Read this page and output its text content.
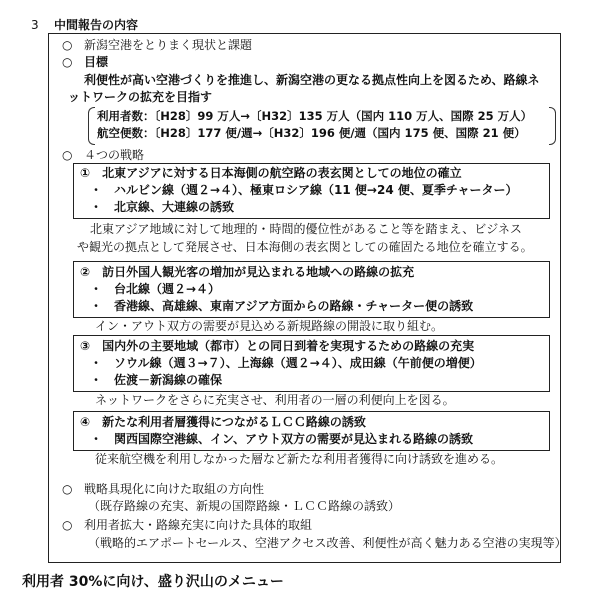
3 中間報告の内容
○ 新潟空港をとりまく現状と課題
○ 目標
利便性が高い空港づくりを推進し、新潟空港の更なる拠点性向上を図るため、路線ネ
ットワークの拡充を目指す
利用者数：〔H28〕99 万人→〔H32〕135 万人（国内 110 万人、国際 25 万人）
航空便数：〔H28〕177 便/週→〔H32〕196 便/週（国内 175 便、国際 21 便）
○ ４つの戦略
①　北東アジアに対する日本海側の航空路の表玄関としての地位の確立
・　ハルビン線（週２→４）、極東ロシア線（11 便→24 便、夏季チャーター）
・　北京線、大連線の誘致
北東アジア地域に対して地理的・時間的優位性があること等を踏まえ、ビジネス
や観光の拠点として発展させ、日本海側の表玄関としての確固たる地位を確立する。
②　訪日外国人観光客の増加が見込まれる地域への路線の拡充
・　台北線（週２→４）
・　香港線、高雄線、東南アジア方面からの路線・チャーター便の誘致
イン・アウト双方の需要が見込める新規路線の開設に取り組む。
③　国内外の主要地域（都市）との同日到着を実現するための路線の充実
・　ソウル線（週３→７）、上海線（週２→４）、成田線（午前便の増便）
・　佐渡－新潟線の確保
ネットワークをさらに充実させ、利用者の一層の利便向上を図る。
④　新たな利用者層獲得につながるＬＣＣ路線の誘致
・　関西国際空港線、イン、アウト双方の需要が見込まれる路線の誘致
従来航空機を利用しなかった層など新たな利用者獲得に向け誘致を進める。
○ 戦略具現化に向けた取組の方向性
（既存路線の充実、新規の国際路線・ＬＣＣ路線の誘致）
○ 利用者拡大・路線充実に向けた具体的取組
（戦略的エアポートセールス、空港アクセス改善、利便性が高く魅力ある空港の実現等）
利用者 30%に向け、盛り沢山のメニュー
